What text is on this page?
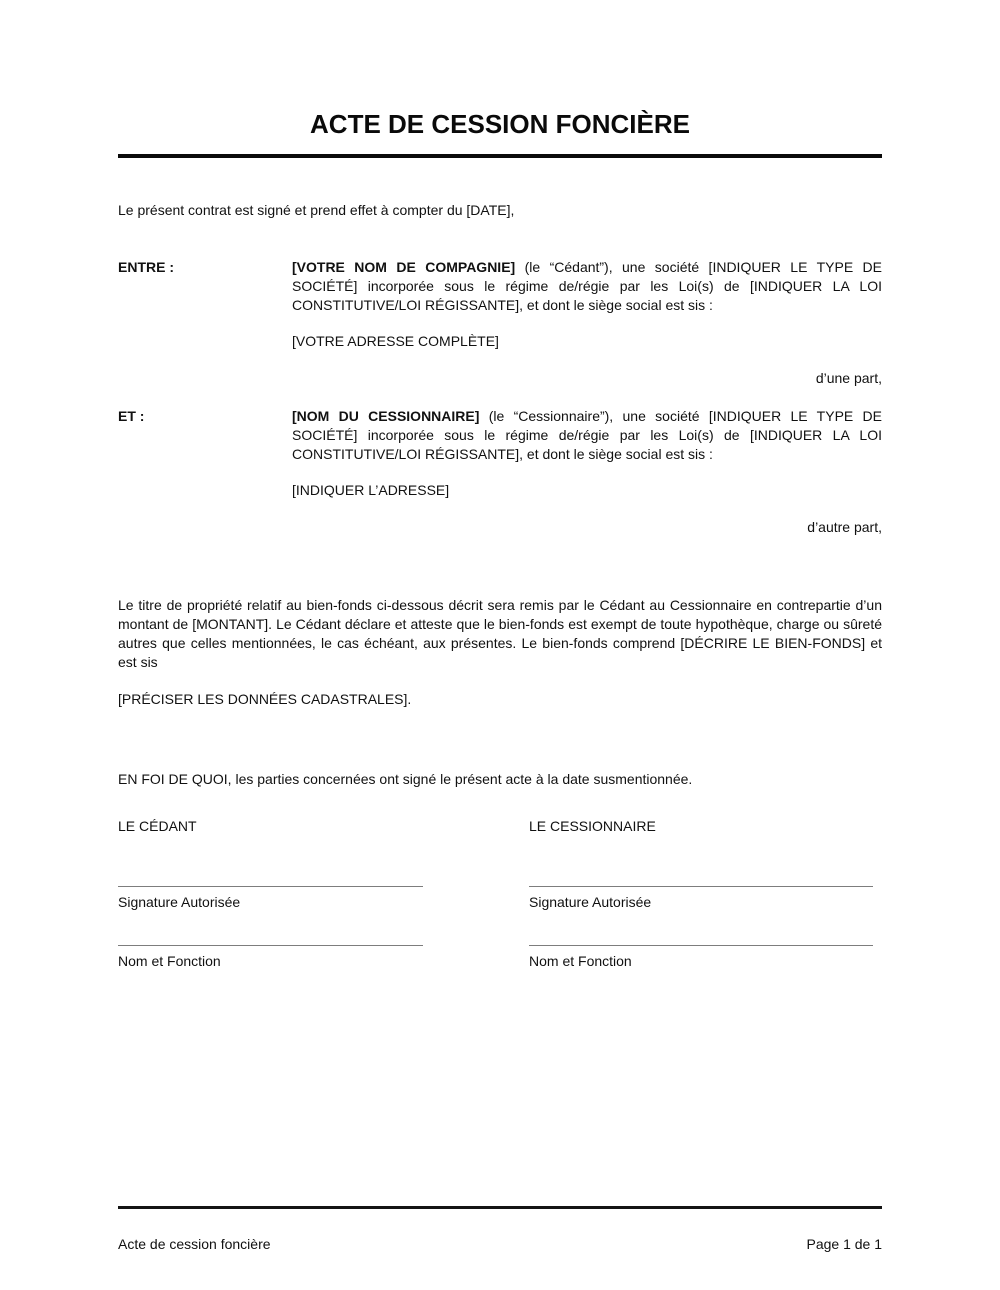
ACTE DE CESSION FONCIÈRE

Le présent contrat est signé et prend effet à compter du [DATE],

ENTRE :	[VOTRE NOM DE COMPAGNIE] (le “Cédant”), une société [INDIQUER LE TYPE DE SOCIÉTÉ] incorporée sous le régime de/régie par les Loi(s) de [INDIQUER LA LOI CONSTITUTIVE/LOI RÉGISSANTE], et dont le siège social est sis :

[VOTRE ADRESSE COMPLÈTE]

d’une part,

ET :	[NOM DU CESSIONNAIRE] (le “Cessionnaire”), une société [INDIQUER LE TYPE DE SOCIÉTÉ] incorporée sous le régime de/régie par les Loi(s) de [INDIQUER LA LOI CONSTITUTIVE/LOI RÉGISSANTE], et dont le siège social est sis :

[INDIQUER L’ADRESSE]

d’autre part,

Le titre de propriété relatif au bien-fonds ci-dessous décrit sera remis par le Cédant au Cessionnaire en contrepartie d’un montant de [MONTANT]. Le Cédant déclare et atteste que le bien-fonds est exempt de toute hypothèque, charge ou sûreté autres que celles mentionnées, le cas échéant, aux présentes. Le bien-fonds comprend [DÉCRIRE LE BIEN-FONDS] et est sis

[PRÉCISER LES DONNÉES CADASTRALES].

EN FOI DE QUOI, les parties concernées ont signé le présent acte à la date susmentionnée.

LE CÉDANT

Signature Autorisée

Nom et Fonction

LE CESSIONNAIRE

Signature Autorisée

Nom et Fonction

Acte de cession foncière	Page 1 de 1
